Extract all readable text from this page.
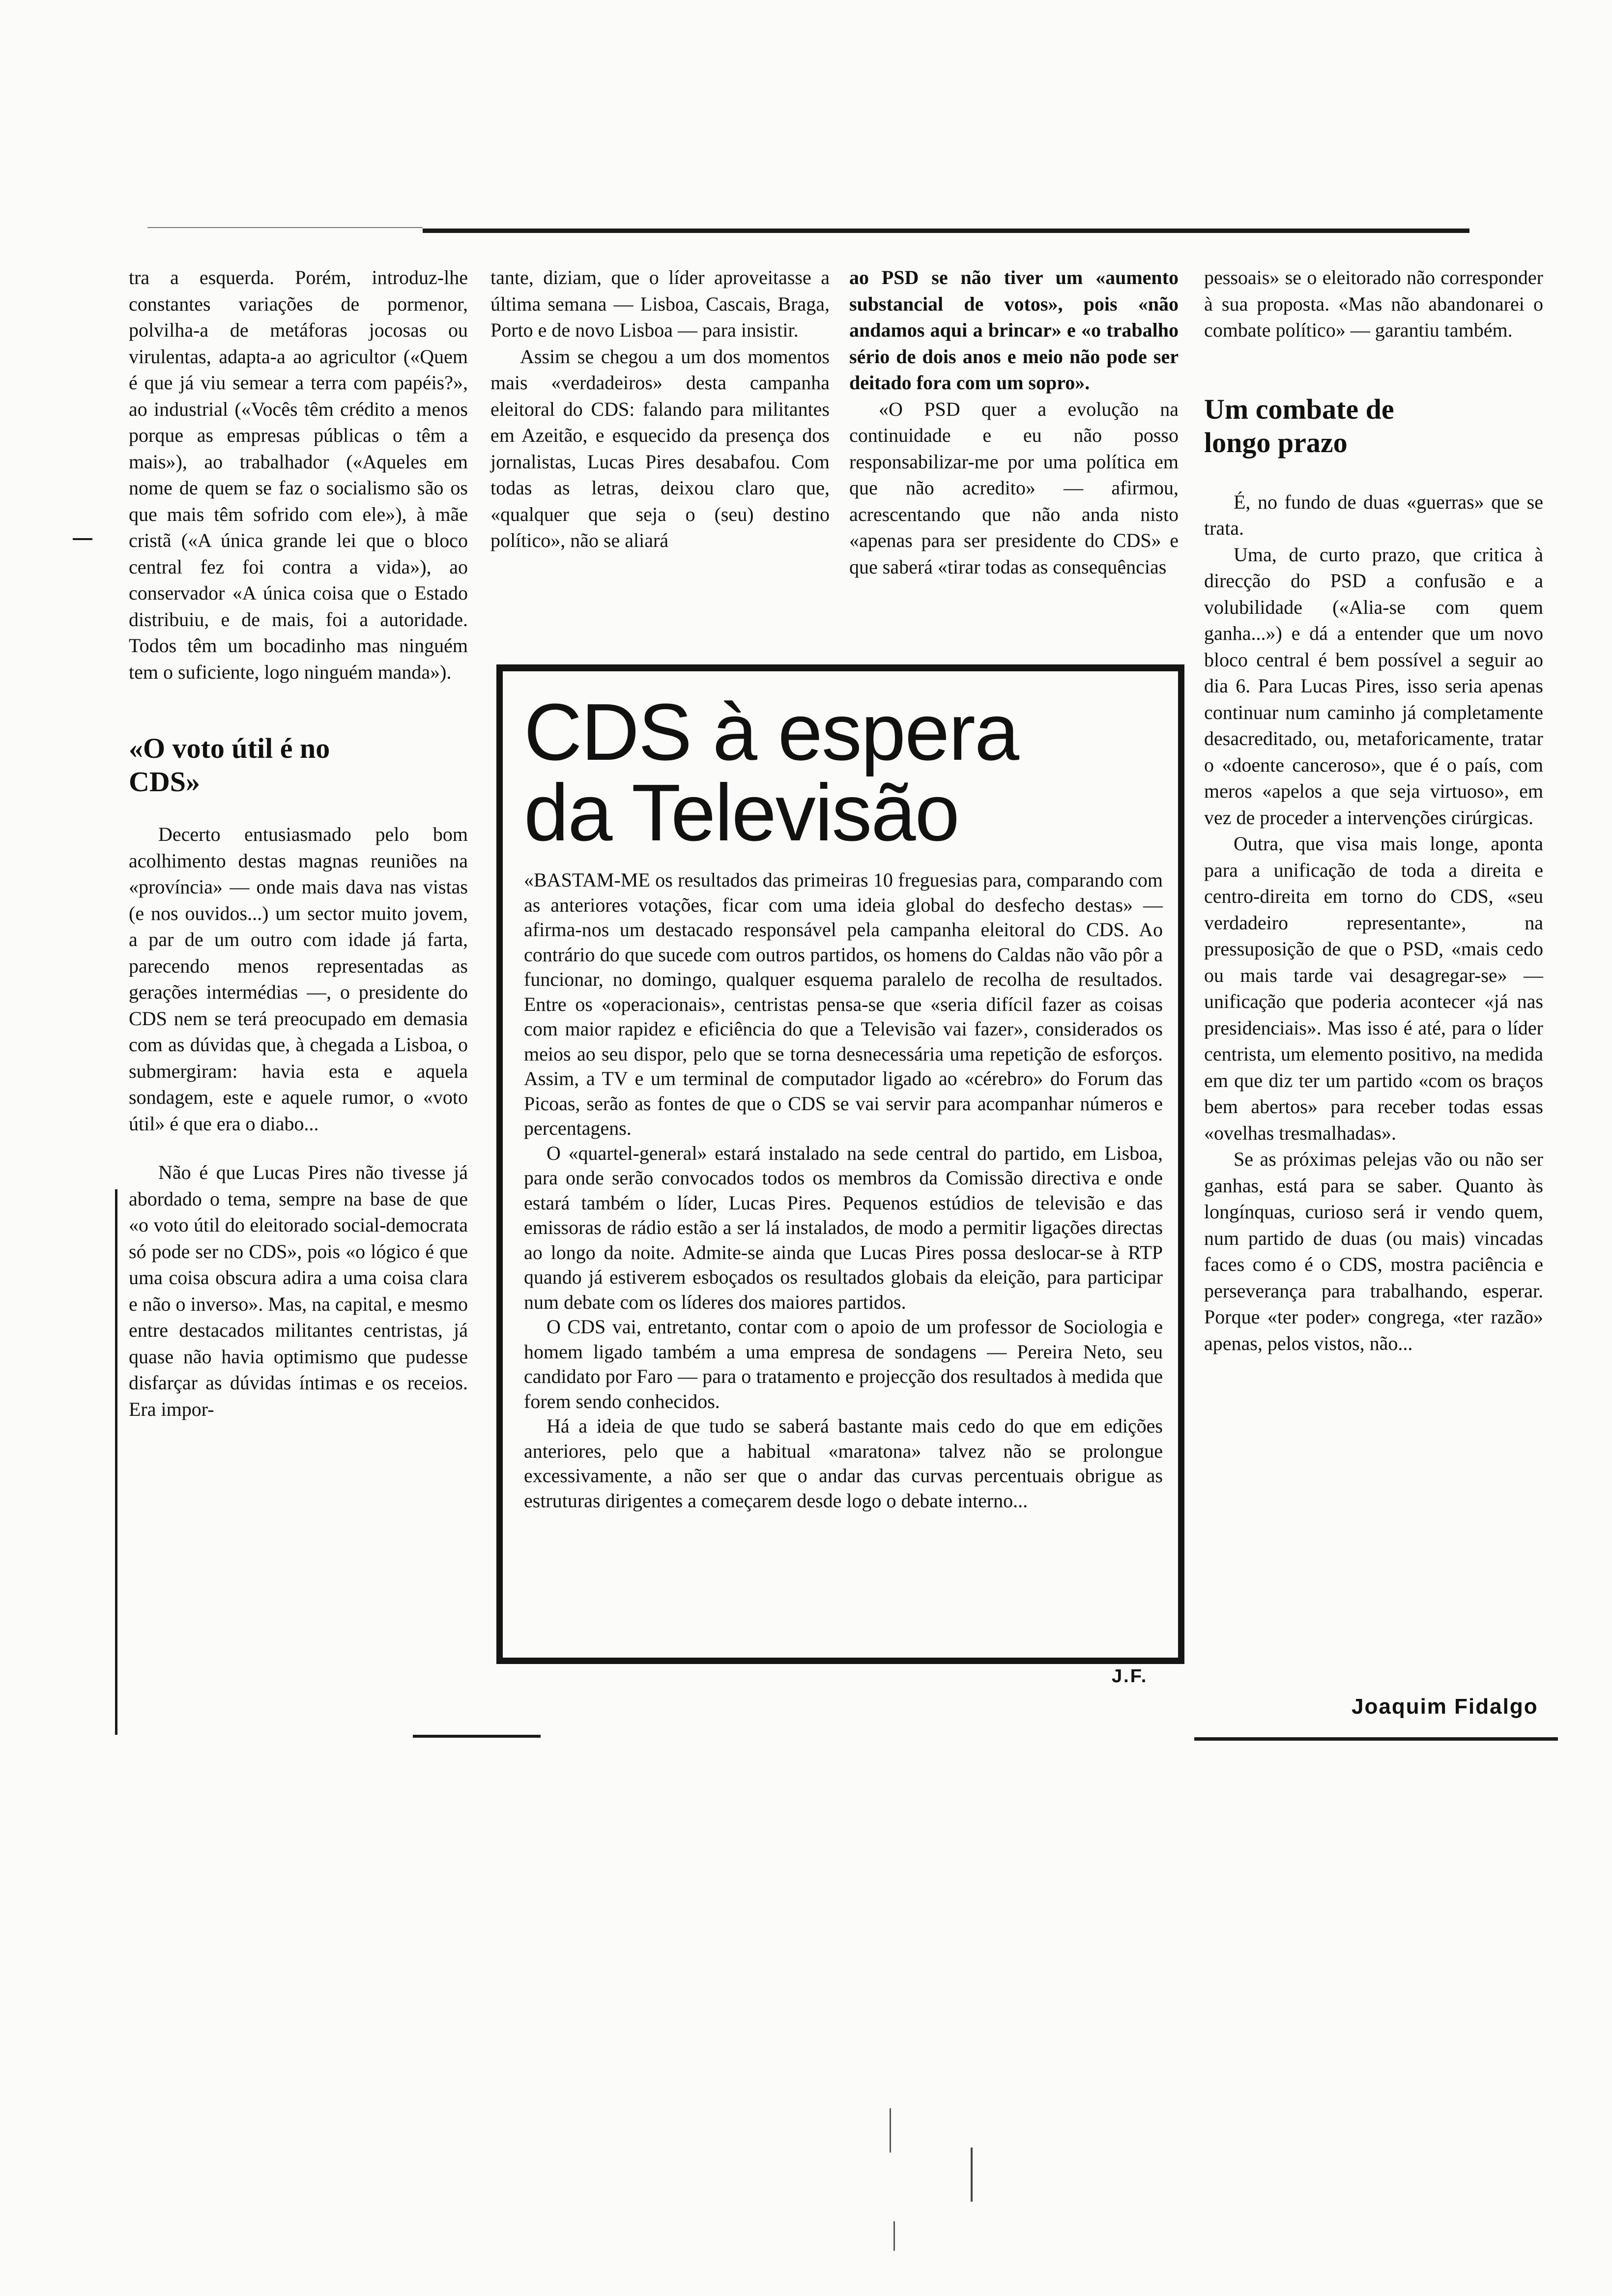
tra a esquerda. Porém, introduz-lhe constantes variações de pormenor, polvilha-a de metáforas jocosas ou virulentas, adapta-a ao agricultor («Quem é que já viu semear a terra com papéis?», ao industrial («Vocês têm crédito a menos porque as empresas públicas o têm a mais»), ao trabalhador («Aqueles em nome de quem se faz o socialismo são os que mais têm sofrido com ele»), à mãe cristã («A única grande lei que o bloco central fez foi contra a vida»), ao conservador «A única coisa que o Estado distribuiu, e de mais, foi a autoridade. Todos têm um bocadinho mas ninguém tem o suficiente, logo ninguém manda»).

«O voto útil é no CDS»

Decerto entusiasmado pelo bom acolhimento destas magnas reuniões na «província» — onde mais dava nas vistas (e nos ouvidos...) um sector muito jovem, a par de um outro com idade já farta, parecendo menos representadas as gerações intermédias —, o presidente do CDS nem se terá preocupado em demasia com as dúvidas que, à chegada a Lisboa, o submergiram: havia esta e aquela sondagem, este e aquele rumor, o «voto útil» é que era o diabo...

Não é que Lucas Pires não tivesse já abordado o tema, sempre na base de que «o voto útil do eleitorado social-democrata só pode ser no CDS», pois «o lógico é que uma coisa obscura adira a uma coisa clara e não o inverso». Mas, na capital, e mesmo entre destacados militantes centristas, já quase não havia optimismo que pudesse disfarçar as dúvidas íntimas e os receios. Era impor-

tante, diziam, que o líder aproveitasse a última semana — Lisboa, Cascais, Braga, Porto e de novo Lisboa — para insistir.

Assim se chegou a um dos momentos mais «verdadeiros» desta campanha eleitoral do CDS: falando para militantes em Azeitão, e esquecido da presença dos jornalistas, Lucas Pires desabafou. Com todas as letras, deixou claro que, «qualquer que seja o (seu) destino político», não se aliará

ao PSD se não tiver um «aumento substancial de votos», pois «não andamos aqui a brincar» e «o trabalho sério de dois anos e meio não pode ser deitado fora com um sopro».

«O PSD quer a evolução na continuidade e eu não posso responsabilizar-me por uma política em que não acredito» — afirmou, acrescentando que não anda nisto «apenas para ser presidente do CDS» e que saberá «tirar todas as consequências

pessoais» se o eleitorado não corresponder à sua proposta. «Mas não abandonarei o combate político» — garantiu também.

Um combate de longo prazo

É, no fundo de duas «guerras» que se trata.

Uma, de curto prazo, que critica à direcção do PSD a confusão e a volubilidade («Alia-se com quem ganha...») e dá a entender que um novo bloco central é bem possível a seguir ao dia 6. Para Lucas Pires, isso seria apenas continuar num caminho já completamente desacreditado, ou, metaforicamente, tratar o «doente canceroso», que é o país, com meros «apelos a que seja virtuoso», em vez de proceder a intervenções cirúrgicas.

Outra, que visa mais longe, aponta para a unificação de toda a direita e centro-direita em torno do CDS, «seu verdadeiro representante», na pressuposição de que o PSD, «mais cedo ou mais tarde vai desagregar-se» — unificação que poderia acontecer «já nas presidenciais». Mas isso é até, para o líder centrista, um elemento positivo, na medida em que diz ter um partido «com os braços bem abertos» para receber todas essas «ovelhas tresmalhadas».

Se as próximas pelejas vão ou não ser ganhas, está para se saber. Quanto às longínquas, curioso será ir vendo quem, num partido de duas (ou mais) vincadas faces como é o CDS, mostra paciência e perseverança para trabalhando, esperar. Porque «ter poder» congrega, «ter razão» apenas, pelos vistos, não...

CDS à espera
da Televisão

«BASTAM-ME os resultados das primeiras 10 freguesias para, comparando com as anteriores votações, ficar com uma ideia global do desfecho destas» — afirma-nos um destacado responsável pela campanha eleitoral do CDS. Ao contrário do que sucede com outros partidos, os homens do Caldas não vão pôr a funcionar, no domingo, qualquer esquema paralelo de recolha de resultados. Entre os «operacionais», centristas pensa-se que «seria difícil fazer as coisas com maior rapidez e eficiência do que a Televisão vai fazer», considerados os meios ao seu dispor, pelo que se torna desnecessária uma repetição de esforços. Assim, a TV e um terminal de computador ligado ao «cérebro» do Forum das Picoas, serão as fontes de que o CDS se vai servir para acompanhar números e percentagens.

O «quartel-general» estará instalado na sede central do partido, em Lisboa, para onde serão convocados todos os membros da Comissão directiva e onde estará também o líder, Lucas Pires. Pequenos estúdios de televisão e das emissoras de rádio estão a ser lá instalados, de modo a permitir ligações directas ao longo da noite. Admite-se ainda que Lucas Pires possa deslocar-se à RTP quando já estiverem esboçados os resultados globais da eleição, para participar num debate com os líderes dos maiores partidos.

O CDS vai, entretanto, contar com o apoio de um professor de Sociologia e homem ligado também a uma empresa de sondagens — Pereira Neto, seu candidato por Faro — para o tratamento e projecção dos resultados à medida que forem sendo conhecidos.

Há a ideia de que tudo se saberá bastante mais cedo do que em edições anteriores, pelo que a habitual «maratona» talvez não se prolongue excessivamente, a não ser que o andar das curvas percentuais obrigue as estruturas dirigentes a começarem desde logo o debate interno...

J.F.
Joaquim Fidalgo
